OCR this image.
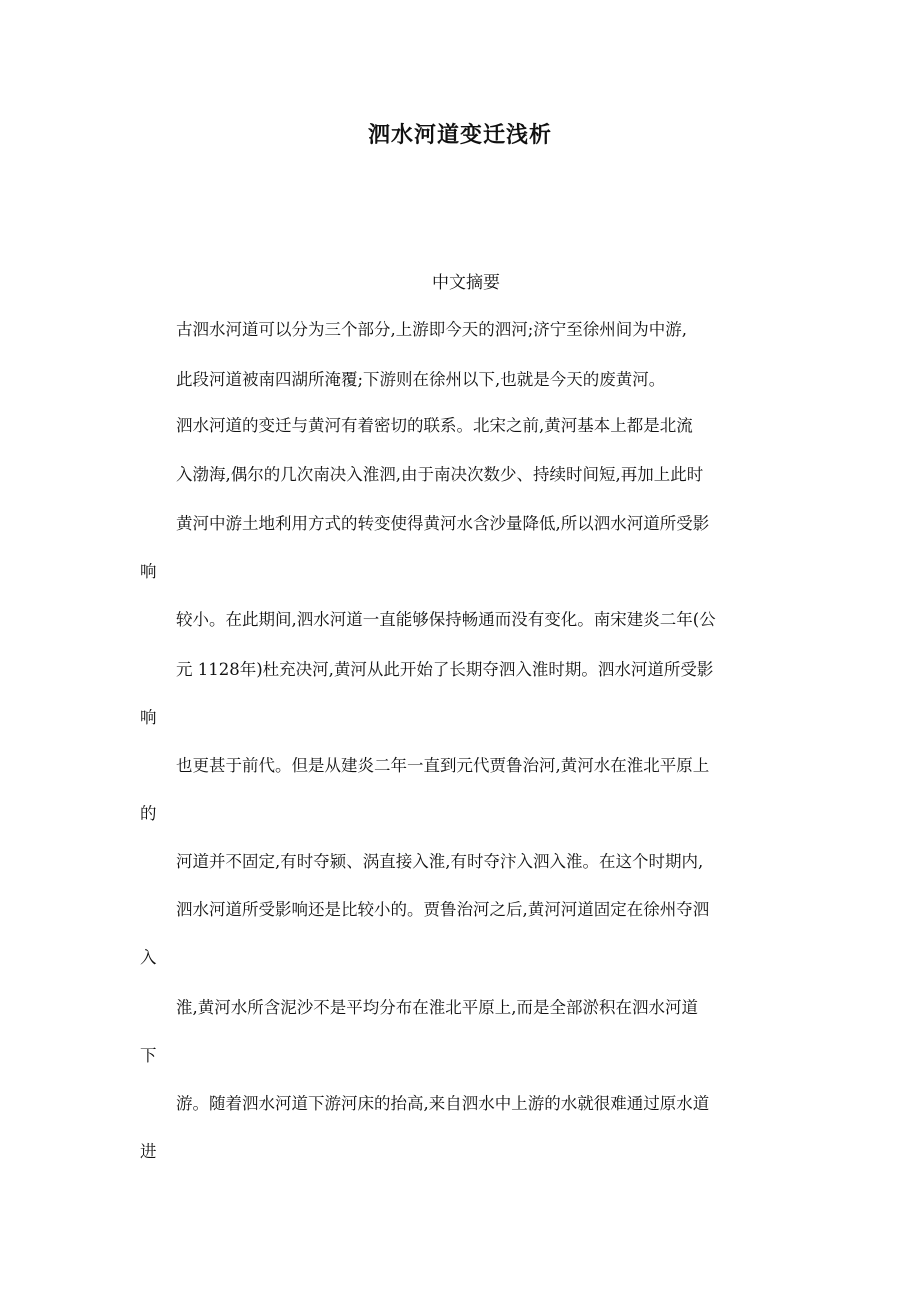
泗水河道变迁浅析
中文摘要
古泗水河道可以分为三个部分,上游即今天的泗河;济宁至徐州间为中游,
此段河道被南四湖所淹覆;下游则在徐州以下,也就是今天的废黄河。
泗水河道的变迁与黄河有着密切的联系。北宋之前,黄河基本上都是北流
入渤海,偶尔的几次南决入淮泗,由于南决次数少、持续时间短,再加上此时
黄河中游土地利用方式的转变使得黄河水含沙量降低,所以泗水河道所受影
响
较小。在此期间,泗水河道一直能够保持畅通而没有变化。南宋建炎二年(公
元 1128年)杜充决河,黄河从此开始了长期夺泗入淮时期。泗水河道所受影
响
也更甚于前代。但是从建炎二年一直到元代贾鲁治河,黄河水在淮北平原上
的
河道并不固定,有时夺颍、涡直接入淮,有时夺汴入泗入淮。在这个时期内,
泗水河道所受影响还是比较小的。贾鲁治河之后,黄河河道固定在徐州夺泗
入
淮,黄河水所含泥沙不是平均分布在淮北平原上,而是全部淤积在泗水河道
下
游。随着泗水河道下游河床的抬高,来自泗水中上游的水就很难通过原水道
进
